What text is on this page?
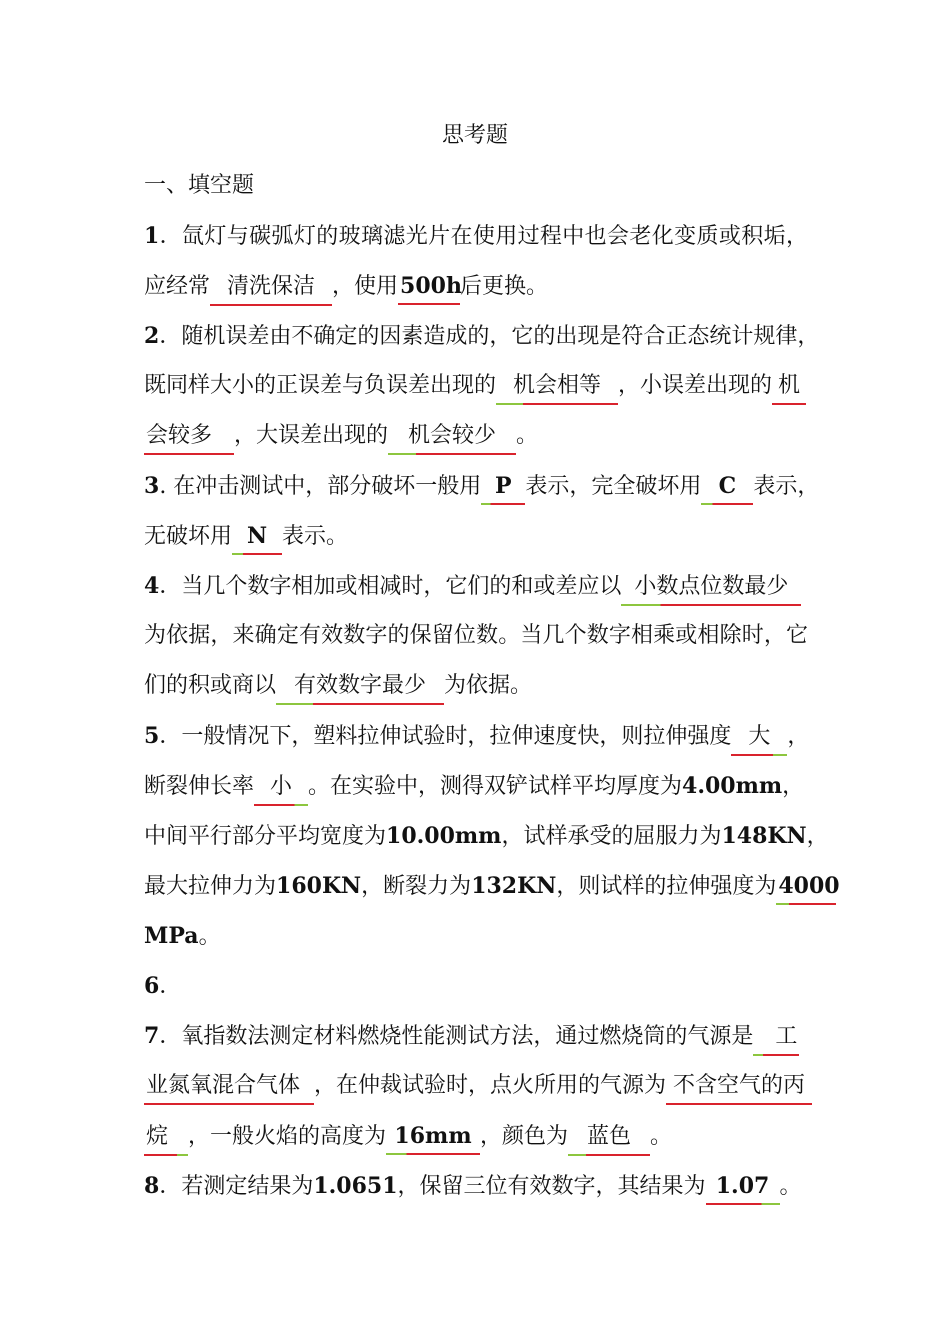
思考题
一、填空题
1．氙灯与碳弧灯的玻璃滤光片在使用过程中也会老化变质或积垢，
应经常 清洗保洁 ，使用500h后更换。
2．随机误差由不确定的因素造成的，它的出现是符合正态统计规律，
既同样大小的正误差与负误差出现的 机会相等 ，小误差出现的 机
会较多 ，大误差出现的 机会较少 。
3. 在冲击测试中，部分破坏一般用 P 表示，完全破坏用 C 表示，
无破坏用 N 表示。
4．当几个数字相加或相减时，它们的和或差应以 小数点位数最少
为依据，来确定有效数字的保留位数。当几个数字相乘或相除时，它
们的积或商以 有效数字最少 为依据。
5．一般情况下，塑料拉伸试验时，拉伸速度快，则拉伸强度 大 ，
断裂伸长率 小 。在实验中，测得双铲试样平均厚度为4.00mm，
中间平行部分平均宽度为10.00mm，试样承受的屈服力为148KN，
最大拉伸力为160KN，断裂力为132KN，则试样的拉伸强度为4000
MPa。
6．
7．氧指数法测定材料燃烧性能测试方法，通过燃烧筒的气源是 工
业氮氧混合气体 ，在仲裁试验时，点火所用的气源为 不含空气的丙
烷 ，一般火焰的高度为 16mm ，颜色为 蓝色 。
8．若测定结果为1.0651，保留三位有效数字，其结果为 1.07 。
